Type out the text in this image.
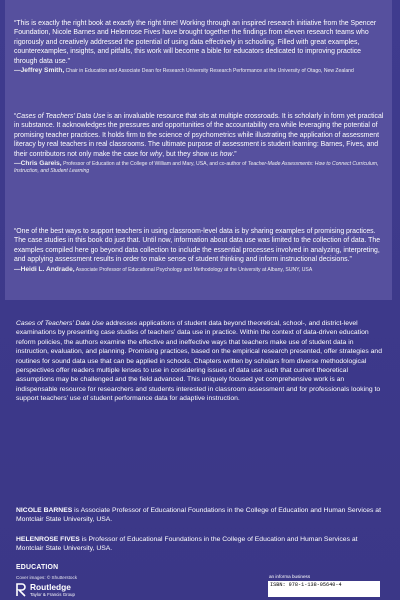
“This is exactly the right book at exactly the right time! Working through an inspired research initiative from the Spencer Foundation, Nicole Barnes and Helenrose Fives have brought together the findings from eleven research teams who rigorously and creatively addressed the potential of using data effectively in schooling. Filled with great examples, counterexamples, insights, and pitfalls, this work will become a bible for educators dedicated to improving practice through data use.”

—Jeffrey Smith, Chair in Education and Associate Dean for Research University Research Performance at the University of Otago, New Zealand

“Cases of Teachers’ Data Use is an invaluable resource that sits at multiple crossroads. It is scholarly in form yet practical in substance. It acknowledges the pressures and opportunities of the accountability era while leveraging the potential of promising teacher practices. It holds firm to the science of psychometrics while illustrating the application of assessment literacy by real teachers in real classrooms. The ultimate purpose of assessment is student learning: Barnes, Fives, and their contributors not only make the case for why, but they show us how.”

—Chris Gareis, Professor of Education at the College of William and Mary, USA, and co-author of Teacher-Made Assessments: How to Connect Curriculum, Instruction, and Student Learning

“One of the best ways to support teachers in using classroom-level data is by sharing examples of promising practices. The case studies in this book do just that. Until now, information about data use was limited to the collection of data. The examples compiled here go beyond data collection to include the essential processes involved in analyzing, interpreting, and applying assessment results in order to make sense of student thinking and inform instructional decisions.”

—Heidi L. Andrade, Associate Professor of Educational Psychology and Methodology at the University at Albany, SUNY, USA

Cases of Teachers’ Data Use addresses applications of student data beyond theoretical, school-, and district-level examinations by presenting case studies of teachers’ data use in practice. Within the context of data-driven education reform policies, the authors examine the effective and ineffective ways that teachers make use of student data in instruction, evaluation, and planning. Promising practices, based on the empirical research presented, offer strategies and routines for sound data use that can be applied in schools. Chapters written by scholars from diverse methodological perspectives offer readers multiple lenses to use in considering issues of data use such that current theoretical assumptions may be challenged and the field advanced. This uniquely focused yet comprehensive work is an indispensable resource for researchers and students interested in classroom assessment and for professionals looking to support teachers’ use of student performance data for adaptive instruction.

NICOLE BARNES is Associate Professor of Educational Foundations in the College of Education and Human Services at Montclair State University, USA.

HELENROSE FIVES is Professor of Educational Foundations in the College of Education and Human Services at Montclair State University, USA.

EDUCATION
Cover images: © Shutterstock
Routledge
Taylor & Francis Group
an informa business
ISBN: 978-1-138-05640-4
